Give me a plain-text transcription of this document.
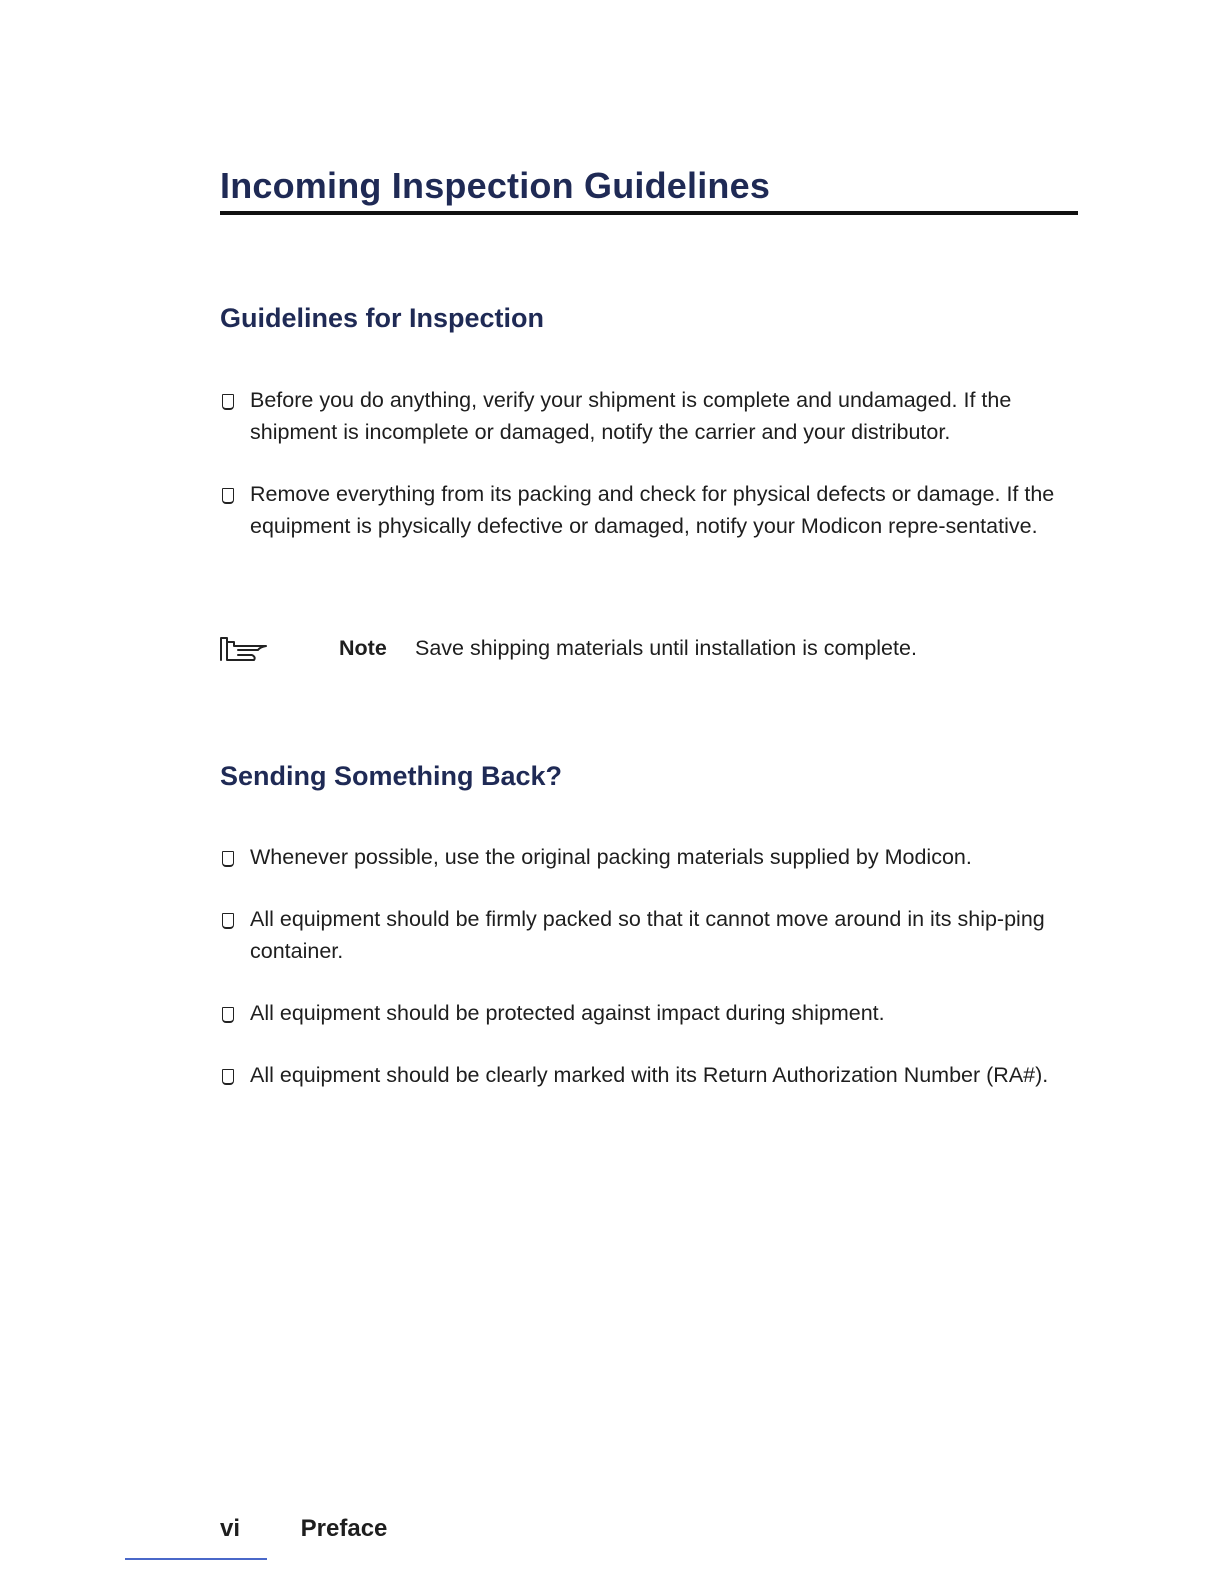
Incoming Inspection Guidelines
Guidelines for Inspection
Before you do anything, verify your shipment is complete and undamaged. If the shipment is incomplete or damaged, notify the carrier and your distributor.
Remove everything from its packing and check for physical defects or damage. If the equipment is physically defective or damaged, notify your Modicon repre-sentative.
Note Save shipping materials until installation is complete.
Sending Something Back?
Whenever possible, use the original packing materials supplied by Modicon.
All equipment should be firmly packed so that it cannot move around in its ship-ping container.
All equipment should be protected against impact during shipment.
All equipment should be clearly marked with its Return Authorization Number (RA#).
vi	Preface
